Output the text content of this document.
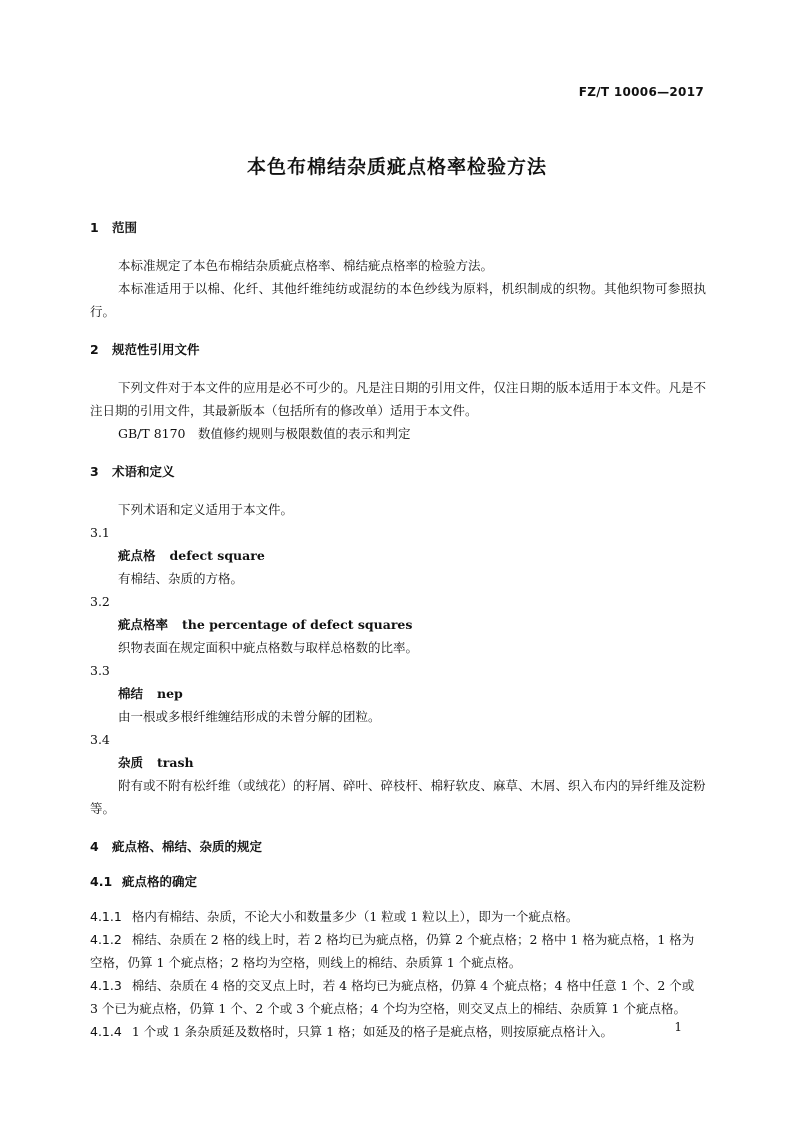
FZ/T 10006—2017
本色布棉结杂质疵点格率检验方法
1 范围
本标准规定了本色布棉结杂质疵点格率、棉结疵点格率的检验方法。
本标准适用于以棉、化纤、其他纤维纯纺或混纺的本色纱线为原料，机织制成的织物。其他织物可参照执行。
2 规范性引用文件
下列文件对于本文件的应用是必不可少的。凡是注日期的引用文件，仅注日期的版本适用于本文件。凡是不注日期的引用文件，其最新版本（包括所有的修改单）适用于本文件。
GB/T 8170　数值修约规则与极限数值的表示和判定
3 术语和定义
下列术语和定义适用于本文件。
3.1
疵点格 defect square
有棉结、杂质的方格。
3.2
疵点格率 the percentage of defect squares
织物表面在规定面积中疵点格数与取样总格数的比率。
3.3
棉结 nep
由一根或多根纤维缠结形成的未曾分解的团粒。
3.4
杂质 trash
附有或不附有松纤维（或绒花）的籽屑、碎叶、碎枝杆、棉籽软皮、麻草、木屑、织入布内的异纤维及淀粉等。
4 疵点格、棉结、杂质的规定
4.1 疵点格的确定
4.1.1 格内有棉结、杂质，不论大小和数量多少（1 粒或 1 粒以上），即为一个疵点格。
4.1.2 棉结、杂质在 2 格的线上时，若 2 格均已为疵点格，仍算 2 个疵点格；2 格中 1 格为疵点格，1 格为空格，仍算 1 个疵点格；2 格均为空格，则线上的棉结、杂质算 1 个疵点格。
4.1.3 棉结、杂质在 4 格的交叉点上时，若 4 格均已为疵点格，仍算 4 个疵点格；4 格中任意 1 个、2 个或 3 个已为疵点格，仍算 1 个、2 个或 3 个疵点格；4 个均为空格，则交叉点上的棉结、杂质算 1 个疵点格。
4.1.4 1 个或 1 条杂质延及数格时，只算 1 格；如延及的格子是疵点格，则按原疵点格计入。	1
